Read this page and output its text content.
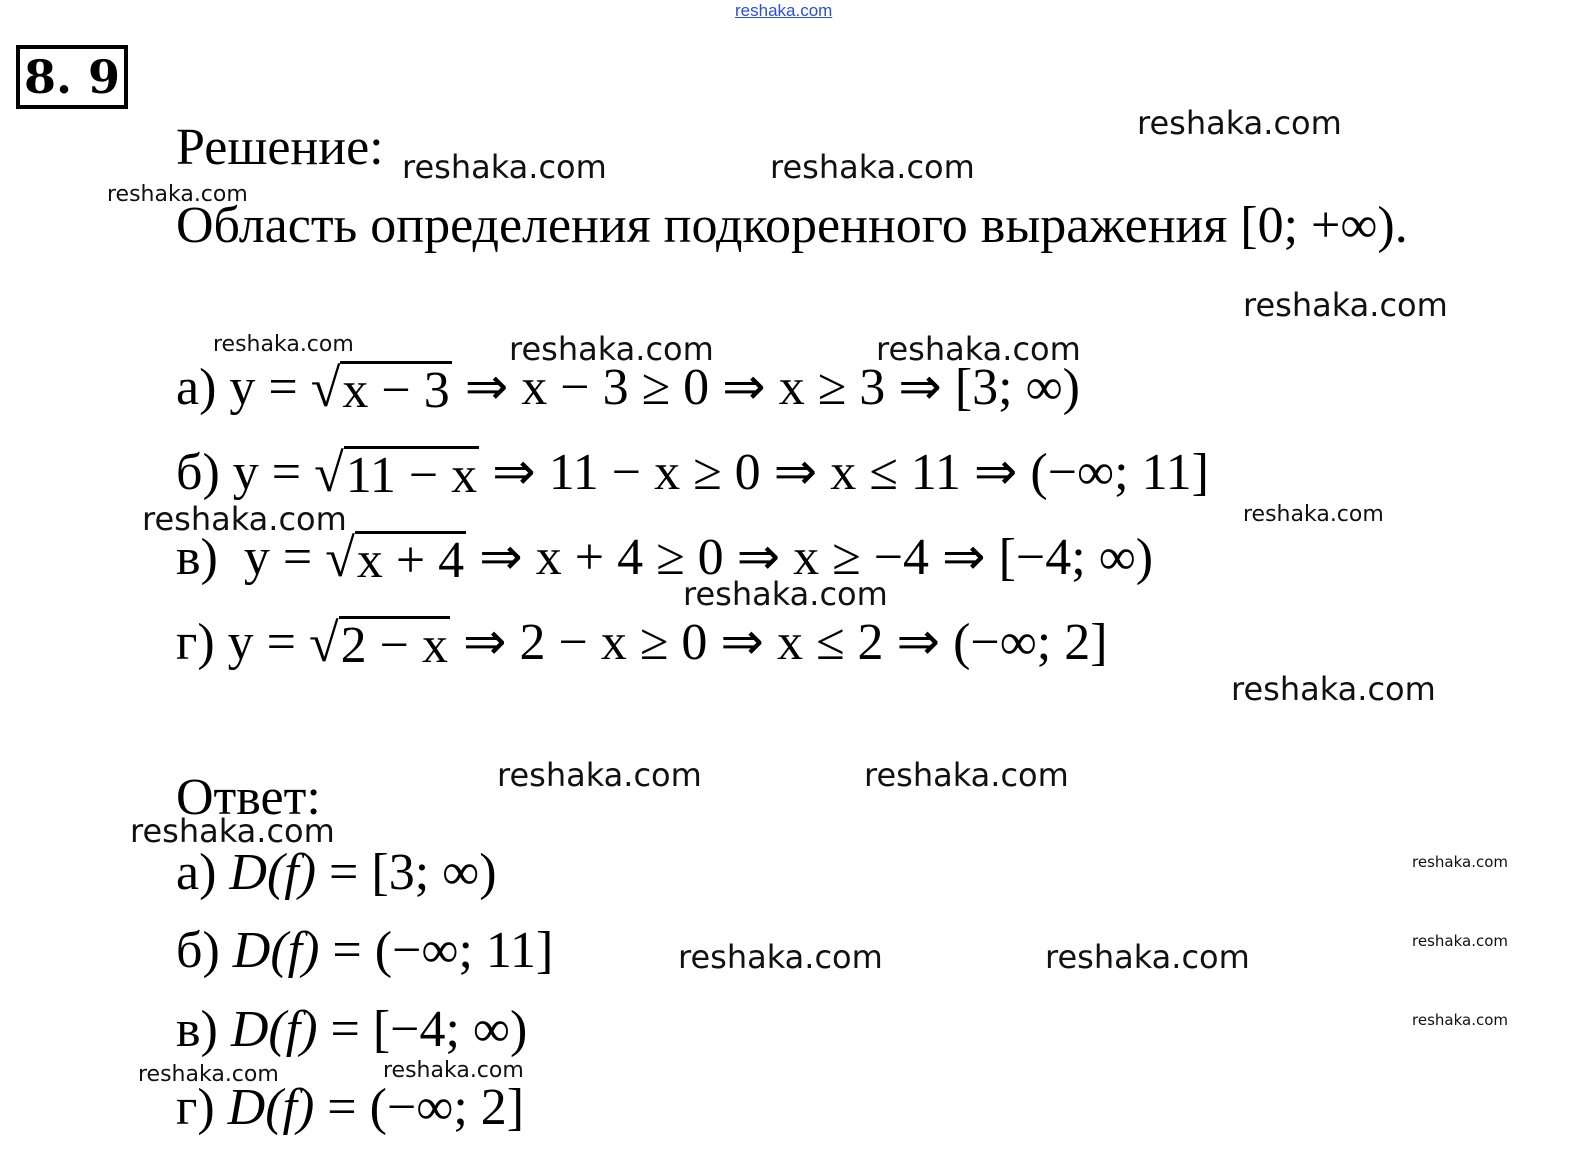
reshaka.com
8. 9
Решение:
Область определения подкоренного выражения [0; +∞).
а)
y =
√ x − 3
⇒ x − 3 ≥ 0 ⇒ x ≥ 3 ⇒ [3; ∞)
б)
y =
√ 11 − x
⇒ 11 − x ≥ 0 ⇒ x ≤ 11 ⇒ (−∞; 11]
в)
y =
√ x + 4
⇒ x + 4 ≥ 0 ⇒ x ≥ −4 ⇒ [−4; ∞)
г)
y =
√ 2 − x
⇒ 2 − x ≥ 0 ⇒ x ≤ 2 ⇒ (−∞; 2]
Ответ:
а) D(f) = [3; ∞)
б) D(f) = (−∞; 11]
в) D(f) = [−4; ∞)
г) D(f) = (−∞; 2]
reshaka.com
reshaka.com	reshaka.com
reshaka.com
reshaka.com
reshaka.com	reshaka.com	reshaka.com
reshaka.com	reshaka.com
reshaka.com
reshaka.com
reshaka.com	reshaka.com
reshaka.com
reshaka.com
reshaka.com
reshaka.com	reshaka.com
reshaka.com
reshaka.com	reshaka.com
